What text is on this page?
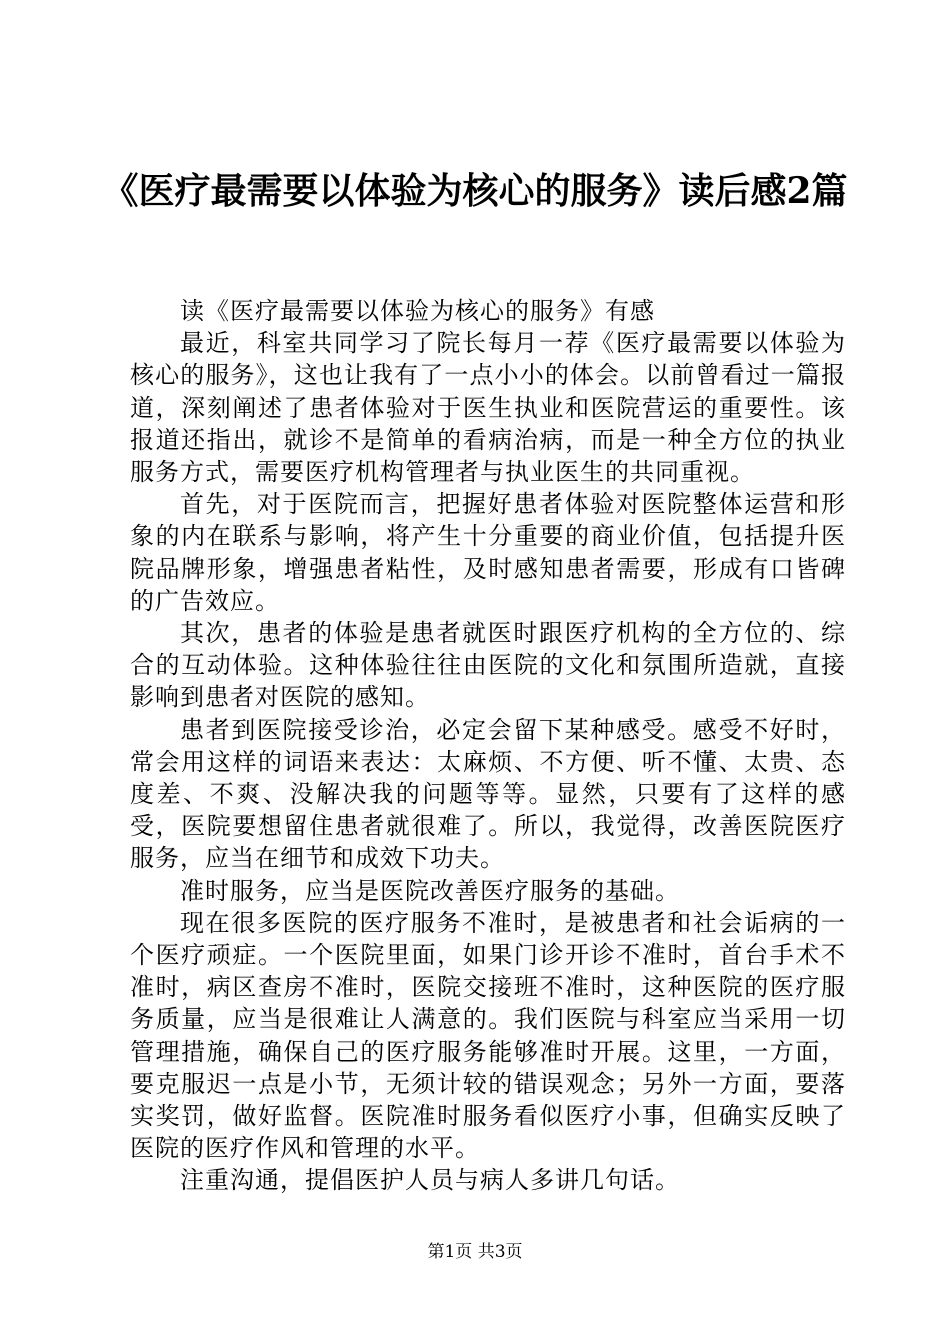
《医疗最需要以体验为核心的服务》读后感2篇

读《医疗最需要以体验为核心的服务》有感

最近，科室共同学习了院长每月一荐《医疗最需要以体验为核心的服务》，这也让我有了一点小小的体会。以前曾看过一篇报道，深刻阐述了患者体验对于医生执业和医院营运的重要性。该报道还指出，就诊不是简单的看病治病，而是一种全方位的执业服务方式，需要医疗机构管理者与执业医生的共同重视。

首先，对于医院而言，把握好患者体验对医院整体运营和形象的内在联系与影响，将产生十分重要的商业价值，包括提升医院品牌形象，增强患者粘性，及时感知患者需要，形成有口皆碑的广告效应。

其次，患者的体验是患者就医时跟医疗机构的全方位的、综合的互动体验。这种体验往往由医院的文化和氛围所造就，直接影响到患者对医院的感知。

患者到医院接受诊治，必定会留下某种感受。感受不好时，常会用这样的词语来表达：太麻烦、不方便、听不懂、太贵、态度差、不爽、没解决我的问题等等。显然，只要有了这样的感受，医院要想留住患者就很难了。所以，我觉得，改善医院医疗服务，应当在细节和成效下功夫。

准时服务，应当是医院改善医疗服务的基础。

现在很多医院的医疗服务不准时，是被患者和社会诟病的一个医疗顽症。一个医院里面，如果门诊开诊不准时，首台手术不准时，病区查房不准时，医院交接班不准时，这种医院的医疗服务质量，应当是很难让人满意的。我们医院与科室应当采用一切管理措施，确保自己的医疗服务能够准时开展。这里，一方面，要克服迟一点是小节，无须计较的错误观念；另外一方面，要落实奖罚，做好监督。医院准时服务看似医疗小事，但确实反映了医院的医疗作风和管理的水平。

注重沟通，提倡医护人员与病人多讲几句话。

第1页 共3页
